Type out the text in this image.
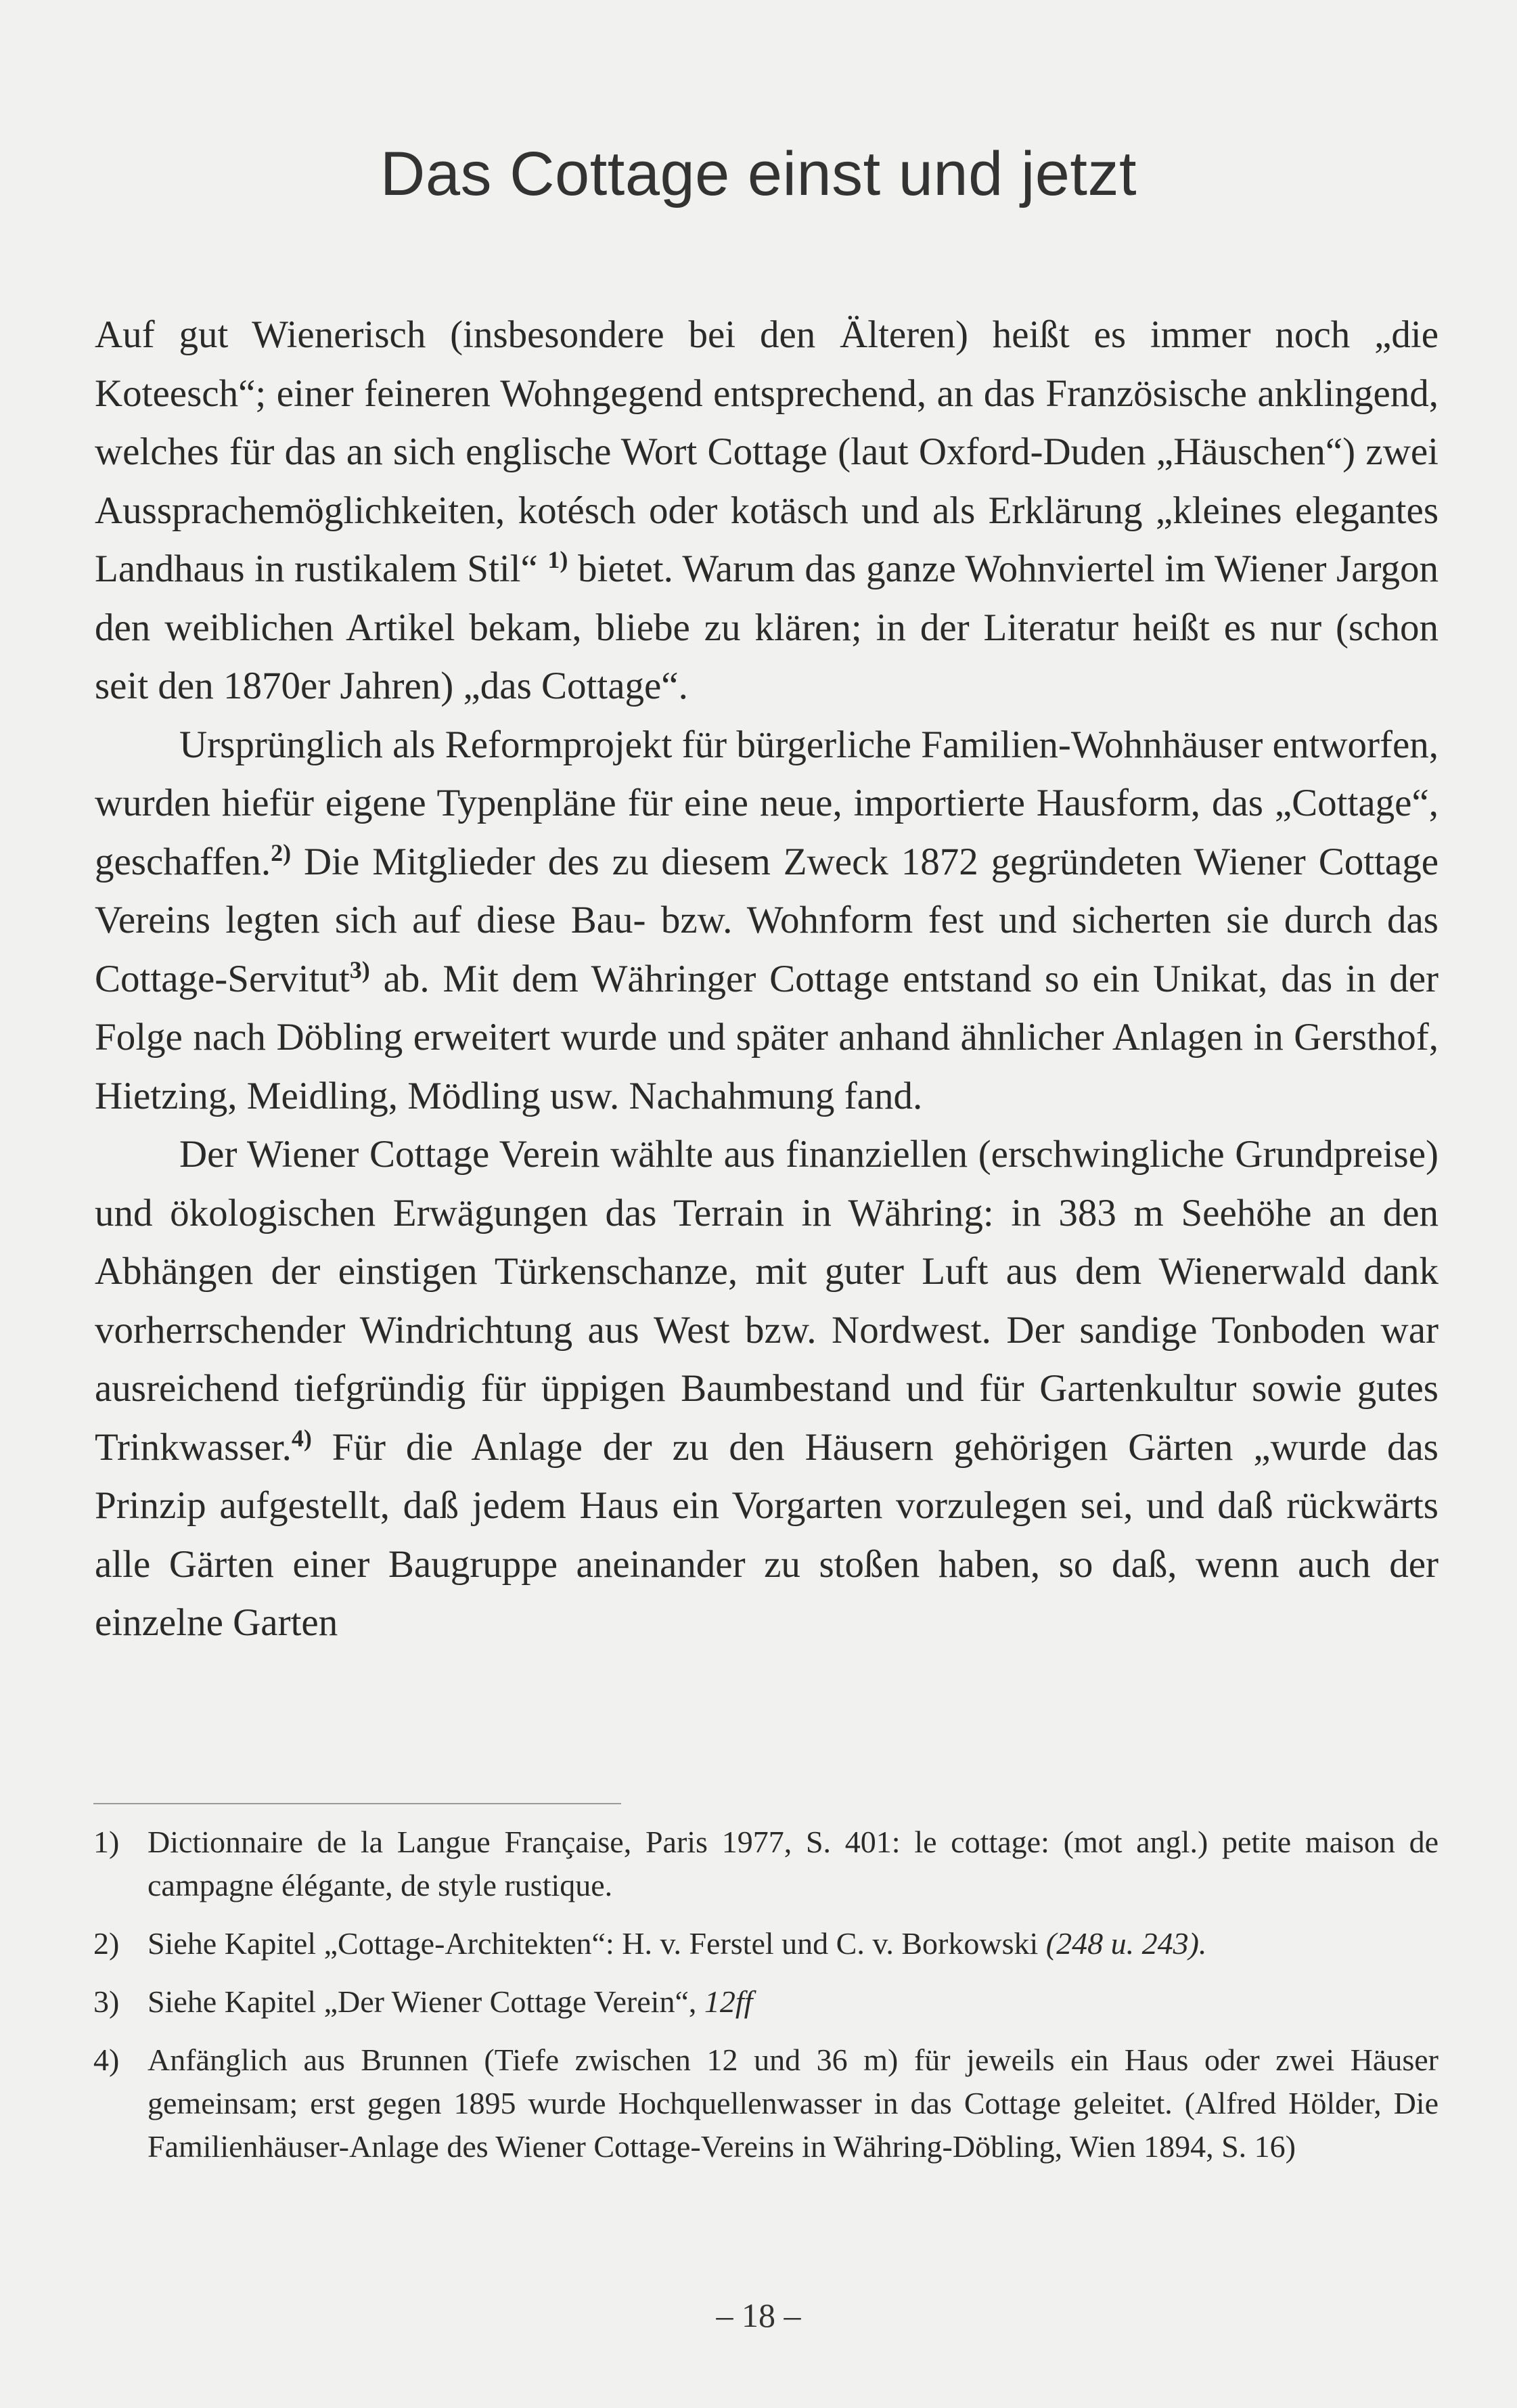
Das Cottage einst und jetzt

Auf gut Wienerisch (insbesondere bei den Älteren) heißt es immer noch „die Koteesch“; einer feineren Wohngegend entsprechend, an das Französische anklingend, welches für das an sich englische Wort Cottage (laut Oxford-Duden „Häuschen“) zwei Aussprachemöglichkeiten, kotésch oder kotäsch und als Erklärung „kleines elegantes Landhaus in rustikalem Stil“ $^{1)}$ bietet. Warum das ganze Wohnviertel im Wiener Jargon den weiblichen Artikel bekam, bliebe zu klären; in der Literatur heißt es nur (schon seit den 1870er Jahren) „das Cottage“.

Ursprünglich als Reformprojekt für bürgerliche Familien-Wohnhäuser entworfen, wurden hiefür eigene Typenpläne für eine neue, importierte Hausform, das „Cottage“, geschaffen.$^{2)}$ Die Mitglieder des zu diesem Zweck 1872 gegründeten Wiener Cottage Vereins legten sich auf diese Bau- bzw. Wohnform fest und sicherten sie durch das Cottage-Servitut$^{3)}$ ab. Mit dem Währinger Cottage entstand so ein Unikat, das in der Folge nach Döbling erweitert wurde und später anhand ähnlicher Anlagen in Gersthof, Hietzing, Meidling, Mödling usw. Nachahmung fand.

Der Wiener Cottage Verein wählte aus finanziellen (erschwingliche Grundpreise) und ökologischen Erwägungen das Terrain in Währing: in 383 m Seehöhe an den Abhängen der einstigen Türkenschanze, mit guter Luft aus dem Wienerwald dank vorherrschender Windrichtung aus West bzw. Nordwest. Der sandige Tonboden war ausreichend tiefgründig für üppigen Baumbestand und für Gartenkultur sowie gutes Trinkwasser.$^{4)}$ Für die Anlage der zu den Häusern gehörigen Gärten „wurde das Prinzip aufgestellt, daß jedem Haus ein Vorgarten vorzulegen sei, und daß rückwärts alle Gärten einer Baugruppe aneinander zu stoßen haben, so daß, wenn auch der einzelne Garten

1) Dictionnaire de la Langue Française, Paris 1977, S. 401: le cottage: (mot angl.) petite maison de campagne élégante, de style rustique.
2) Siehe Kapitel „Cottage-Architekten“: H. v. Ferstel und C. v. Borkowski (248 u. 243).
3) Siehe Kapitel „Der Wiener Cottage Verein“, 12ff
4) Anfänglich aus Brunnen (Tiefe zwischen 12 und 36 m) für jeweils ein Haus oder zwei Häuser gemeinsam; erst gegen 1895 wurde Hochquellenwasser in das Cottage geleitet. (Alfred Hölder, Die Familienhäuser-Anlage des Wiener Cottage-Vereins in Währing-Döbling, Wien 1894, S. 16)
– 18 –
